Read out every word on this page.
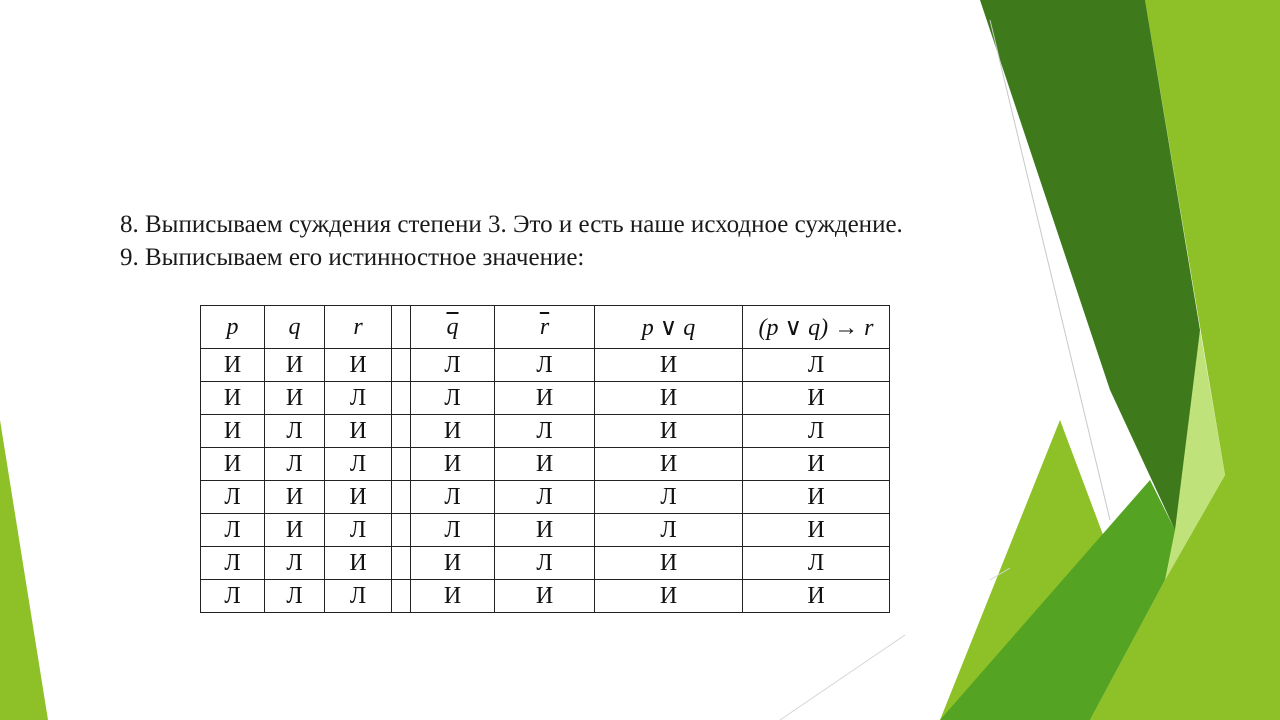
8. Выписываем суждения степени 3. Это и есть наше исходное суждение.

9. Выписываем его истинностное значение:

p	q	r		$\overline{q}$	$\overline{r}$	p ∨ q	(p ∨ q) → r
И	И	И		Л	Л	И	Л
И	И	Л		Л	И	И	И
И	Л	И		И	Л	И	Л
И	Л	Л		И	И	И	И
Л	И	И		Л	Л	Л	И
Л	И	Л		Л	И	Л	И
Л	Л	И		И	Л	И	Л
Л	Л	Л		И	И	И	И
